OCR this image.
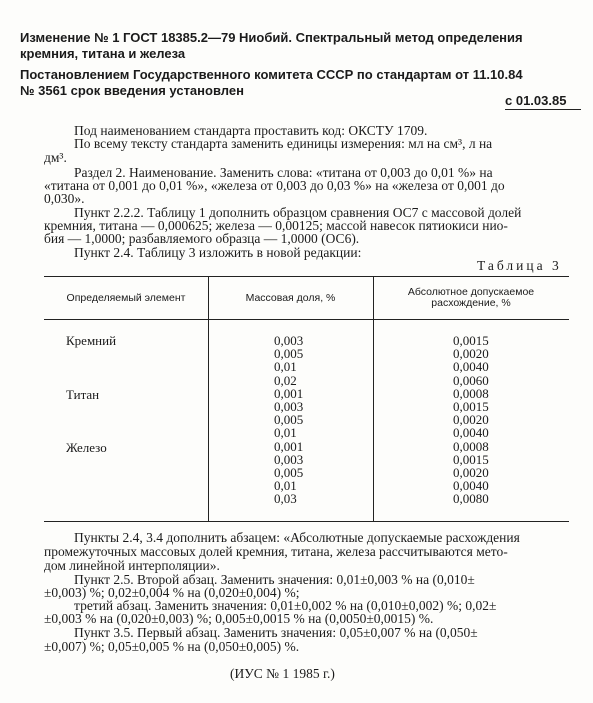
Изменение № 1 ГОСТ 18385.2—79 Ниобий. Спектральный метод определения
кремния, титана и железа
Постановлением Государственного комитета СССР по стандартам от 11.10.84
№ 3561 срок введения установлен
с 01.03.85
Под наименованием стандарта проставить код: ОКСТУ 1709.
По всему тексту стандарта заменить единицы измерения: мл на см³, л на
дм³.
Раздел 2. Наименование. Заменить слова: «титана от 0,003 до 0,01 %» на
«титана от 0,001 до 0,01 %», «железа от 0,003 до 0,03 %» на «железа от 0,001 до
0,030».
Пункт 2.2.2. Таблицу 1 дополнить образцом сравнения ОС7 с массовой долей
кремния, титана — 0,000625; железа — 0,00125; массой навесок пятиокиси нио-
бия — 1,0000; разбавляемого образца — 1,0000 (ОС6).
Пункт 2.4. Таблицу 3 изложить в новой редакции:
Таблица 3
Определяемый элемент	Массовая доля, %	Абсолютное допускаемое
расхождение, %
Кремний
Титан
Железо
0,003
0,005
0,01
0,02
0,001
0,003
0,005
0,01
0,001
0,003
0,005
0,01
0,03
0,0015
0,0020
0,0040
0,0060
0,0008
0,0015
0,0020
0,0040
0,0008
0,0015
0,0020
0,0040
0,0080
Пункты 2.4, 3.4 дополнить абзацем: «Абсолютные допускаемые расхождения
промежуточных массовых долей кремния, титана, железа рассчитываются мето-
дом линейной интерполяции».
Пункт 2.5. Второй абзац. Заменить значения: 0,01±0,003 % на (0,010±
±0,003) %; 0,02±0,004 % на (0,020±0,004) %;
третий абзац. Заменить значения: 0,01±0,002 % на (0,010±0,002) %; 0,02±
±0,003 % на (0,020±0,003) %; 0,005±0,0015 % на (0,0050±0,0015) %.
Пункт 3.5. Первый абзац. Заменить значения: 0,05±0,007 % на (0,050±
±0,007) %; 0,05±0,005 % на (0,050±0,005) %.
(ИУС № 1 1985 г.)
